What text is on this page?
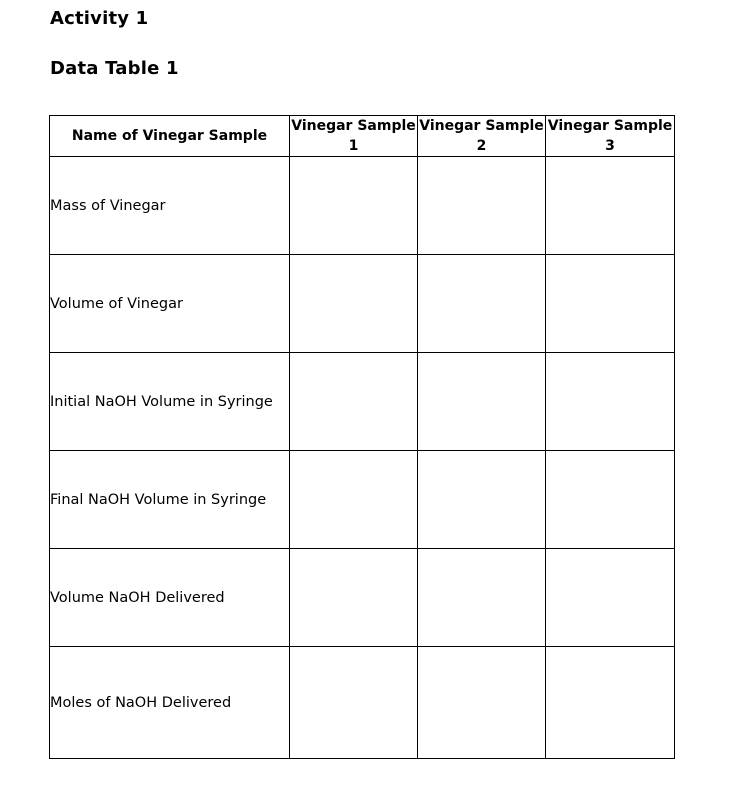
Activity 1
Data Table 1
Name of Vinegar Sample	Vinegar Sample 1	Vinegar Sample 2	Vinegar Sample 3
Mass of Vinegar			
Volume of Vinegar			
Initial NaOH Volume in Syringe			
Final NaOH Volume in Syringe			
Volume NaOH Delivered			
Moles of NaOH Delivered			
